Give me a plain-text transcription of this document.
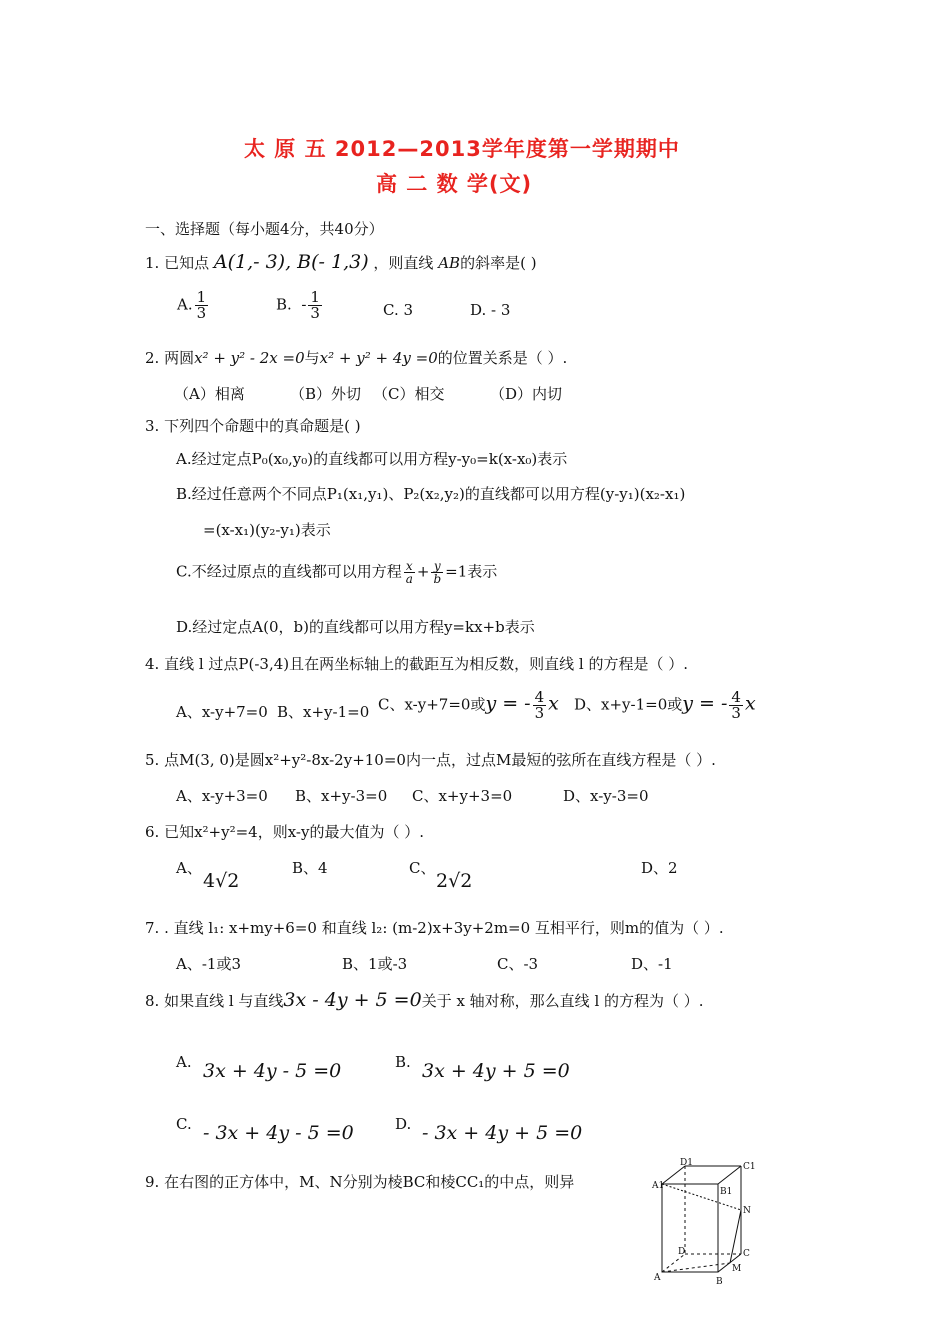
太 原 五 2012—2013学年度第一学期期中
高 二 数 学(文)
一、选择题（每小题4分，共40分）
1. 已知点 A(1,- 3), B(- 1,3) ，则直线 AB的斜率是( )
A. $\frac{1}{3}$	B. - $\frac{1}{3}$	C. 3	D. - 3
2. 两圆x² + y² - 2x =0与x² + y² + 4y =0的位置关系是（ ）.
（A）相离	（B）外切 （C）相交	（D）内切
3. 下列四个命题中的真命题是( )
A.经过定点P₀(x₀,y₀)的直线都可以用方程y-y₀=k(x-x₀)表示
B.经过任意两个不同点P₁(x₁,y₁)、P₂(x₂,y₂)的直线都可以用方程(y-y₁)(x₂-x₁)
=(x-x₁)(y₂-y₁)表示
C.不经过原点的直线都可以用方程 $\frac{x}{a} + \frac{y}{b} =1$表示
D.经过定点A(0，b)的直线都可以用方程y=kx+b表示
4. 直线 l 过点P(-3,4)且在两坐标轴上的截距互为相反数，则直线 l 的方程是（ ）.
A、x-y+7=0 B、x+y-1=0 C、x-y+7=0或y = - $\frac{4}{3}$ x D、x+y-1=0或y = - $\frac{4}{3}$ x
5. 点M(3, 0)是圆x²+y²-8x-2y+10=0内一点，过点M最短的弦所在直线方程是（ ）.
A、x-y+3=0 B、x+y-3=0 C、x+y+3=0	D、x-y-3=0
6. 已知x²+y²=4，则x-y的最大值为（ ）.
A、
4√2
B、4	C、
2√2
D、2
7. . 直线 l₁: x+my+6=0 和直线 l₂: (m-2)x+3y+2m=0 互相平行，则m的值为（ ）.
A、-1或3	B、1或-3	C、-3	D、-1
8. 如果直线 l 与直线3x - 4y + 5 =0关于 x 轴对称，那么直线 l 的方程为（ ）.
A. 3x + 4y - 5 =0	B. 3x + 4y + 5 =0
C. - 3x + 4y - 5 =0	D. - 3x + 4y + 5 =0
9. 在右图的正方体中，M、N分别为棱BC和棱CC₁的中点，则异
D1	C1
A1
B1
N
D	C
A
M
B
